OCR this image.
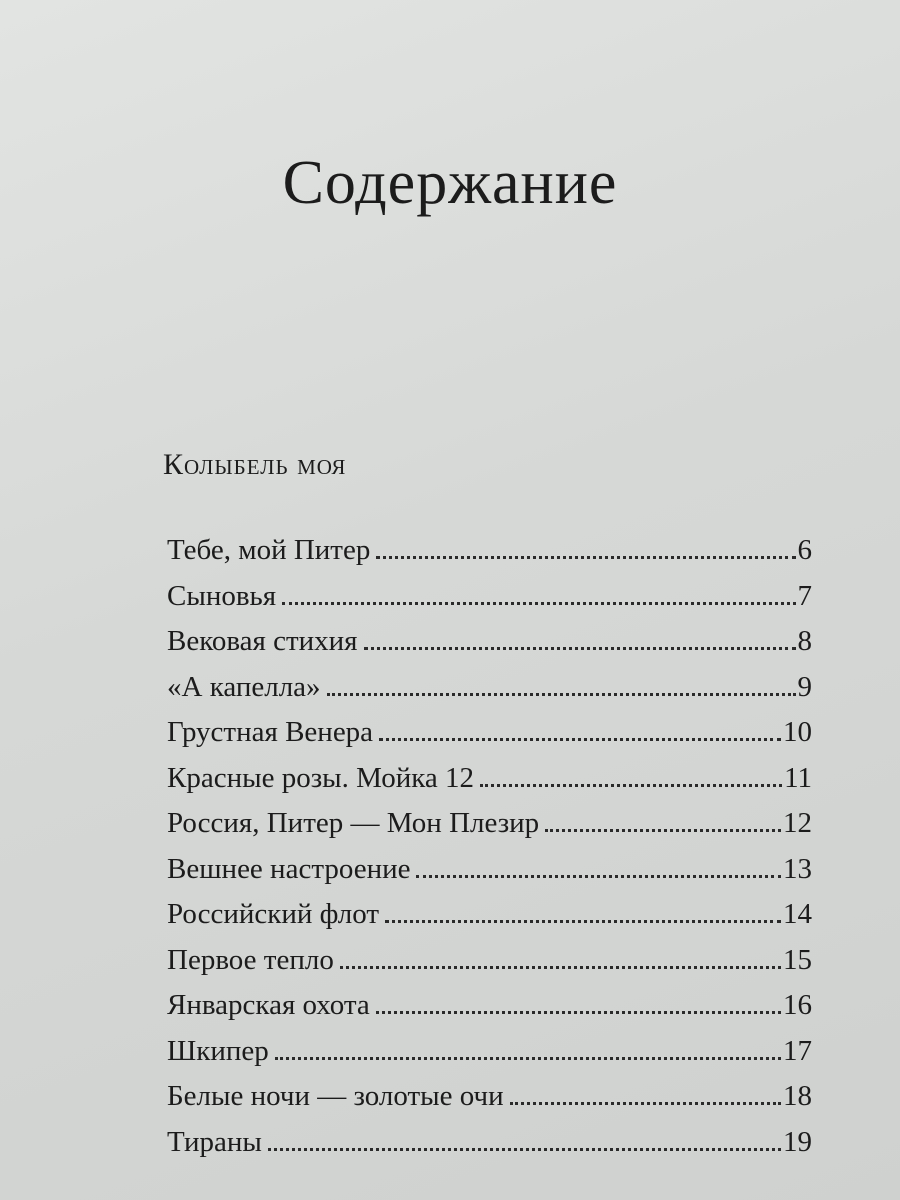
Содержание
Колыбель моя
Тебе, мой Питер	6
Сыновья	7
Вековая стихия	8
«А капелла»	9
Грустная Венера	10
Красные розы. Мойка 12	11
Россия, Питер — Мон Плезир	12
Вешнее настроение	13
Российский флот	14
Первое тепло	15
Январская охота	16
Шкипер	17
Белые ночи — золотые очи	18
Тираны	19
